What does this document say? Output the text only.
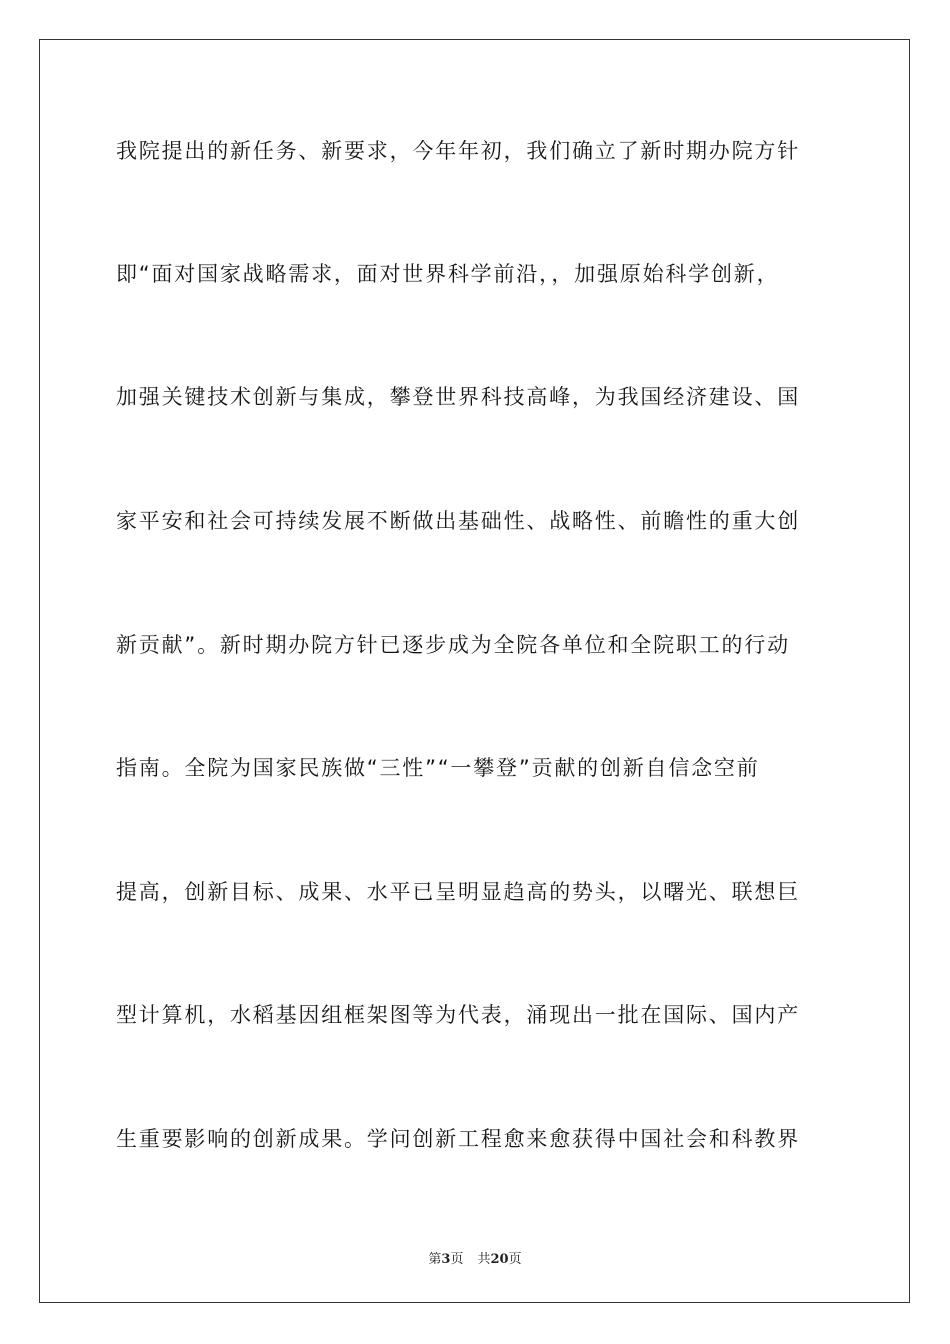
我院提出的新任务、新要求，今年年初，我们确立了新时期办院方针
即“面对国家战略需求，面对世界科学前沿，，加强原始科学创新，
加强关键技术创新与集成，攀登世界科技高峰，为我国经济建设、国
家平安和社会可持续发展不断做出基础性、战略性、前瞻性的重大创
新贡献”。新时期办院方针已逐步成为全院各单位和全院职工的行动
指南。全院为国家民族做“三性”“一攀登”贡献的创新自信念空前
提高，创新目标、成果、水平已呈明显趋高的势头，以曙光、联想巨
型计算机，水稻基因组框架图等为代表，涌现出一批在国际、国内产
生重要影响的创新成果。学问创新工程愈来愈获得中国社会和科教界
第3页 共20页
